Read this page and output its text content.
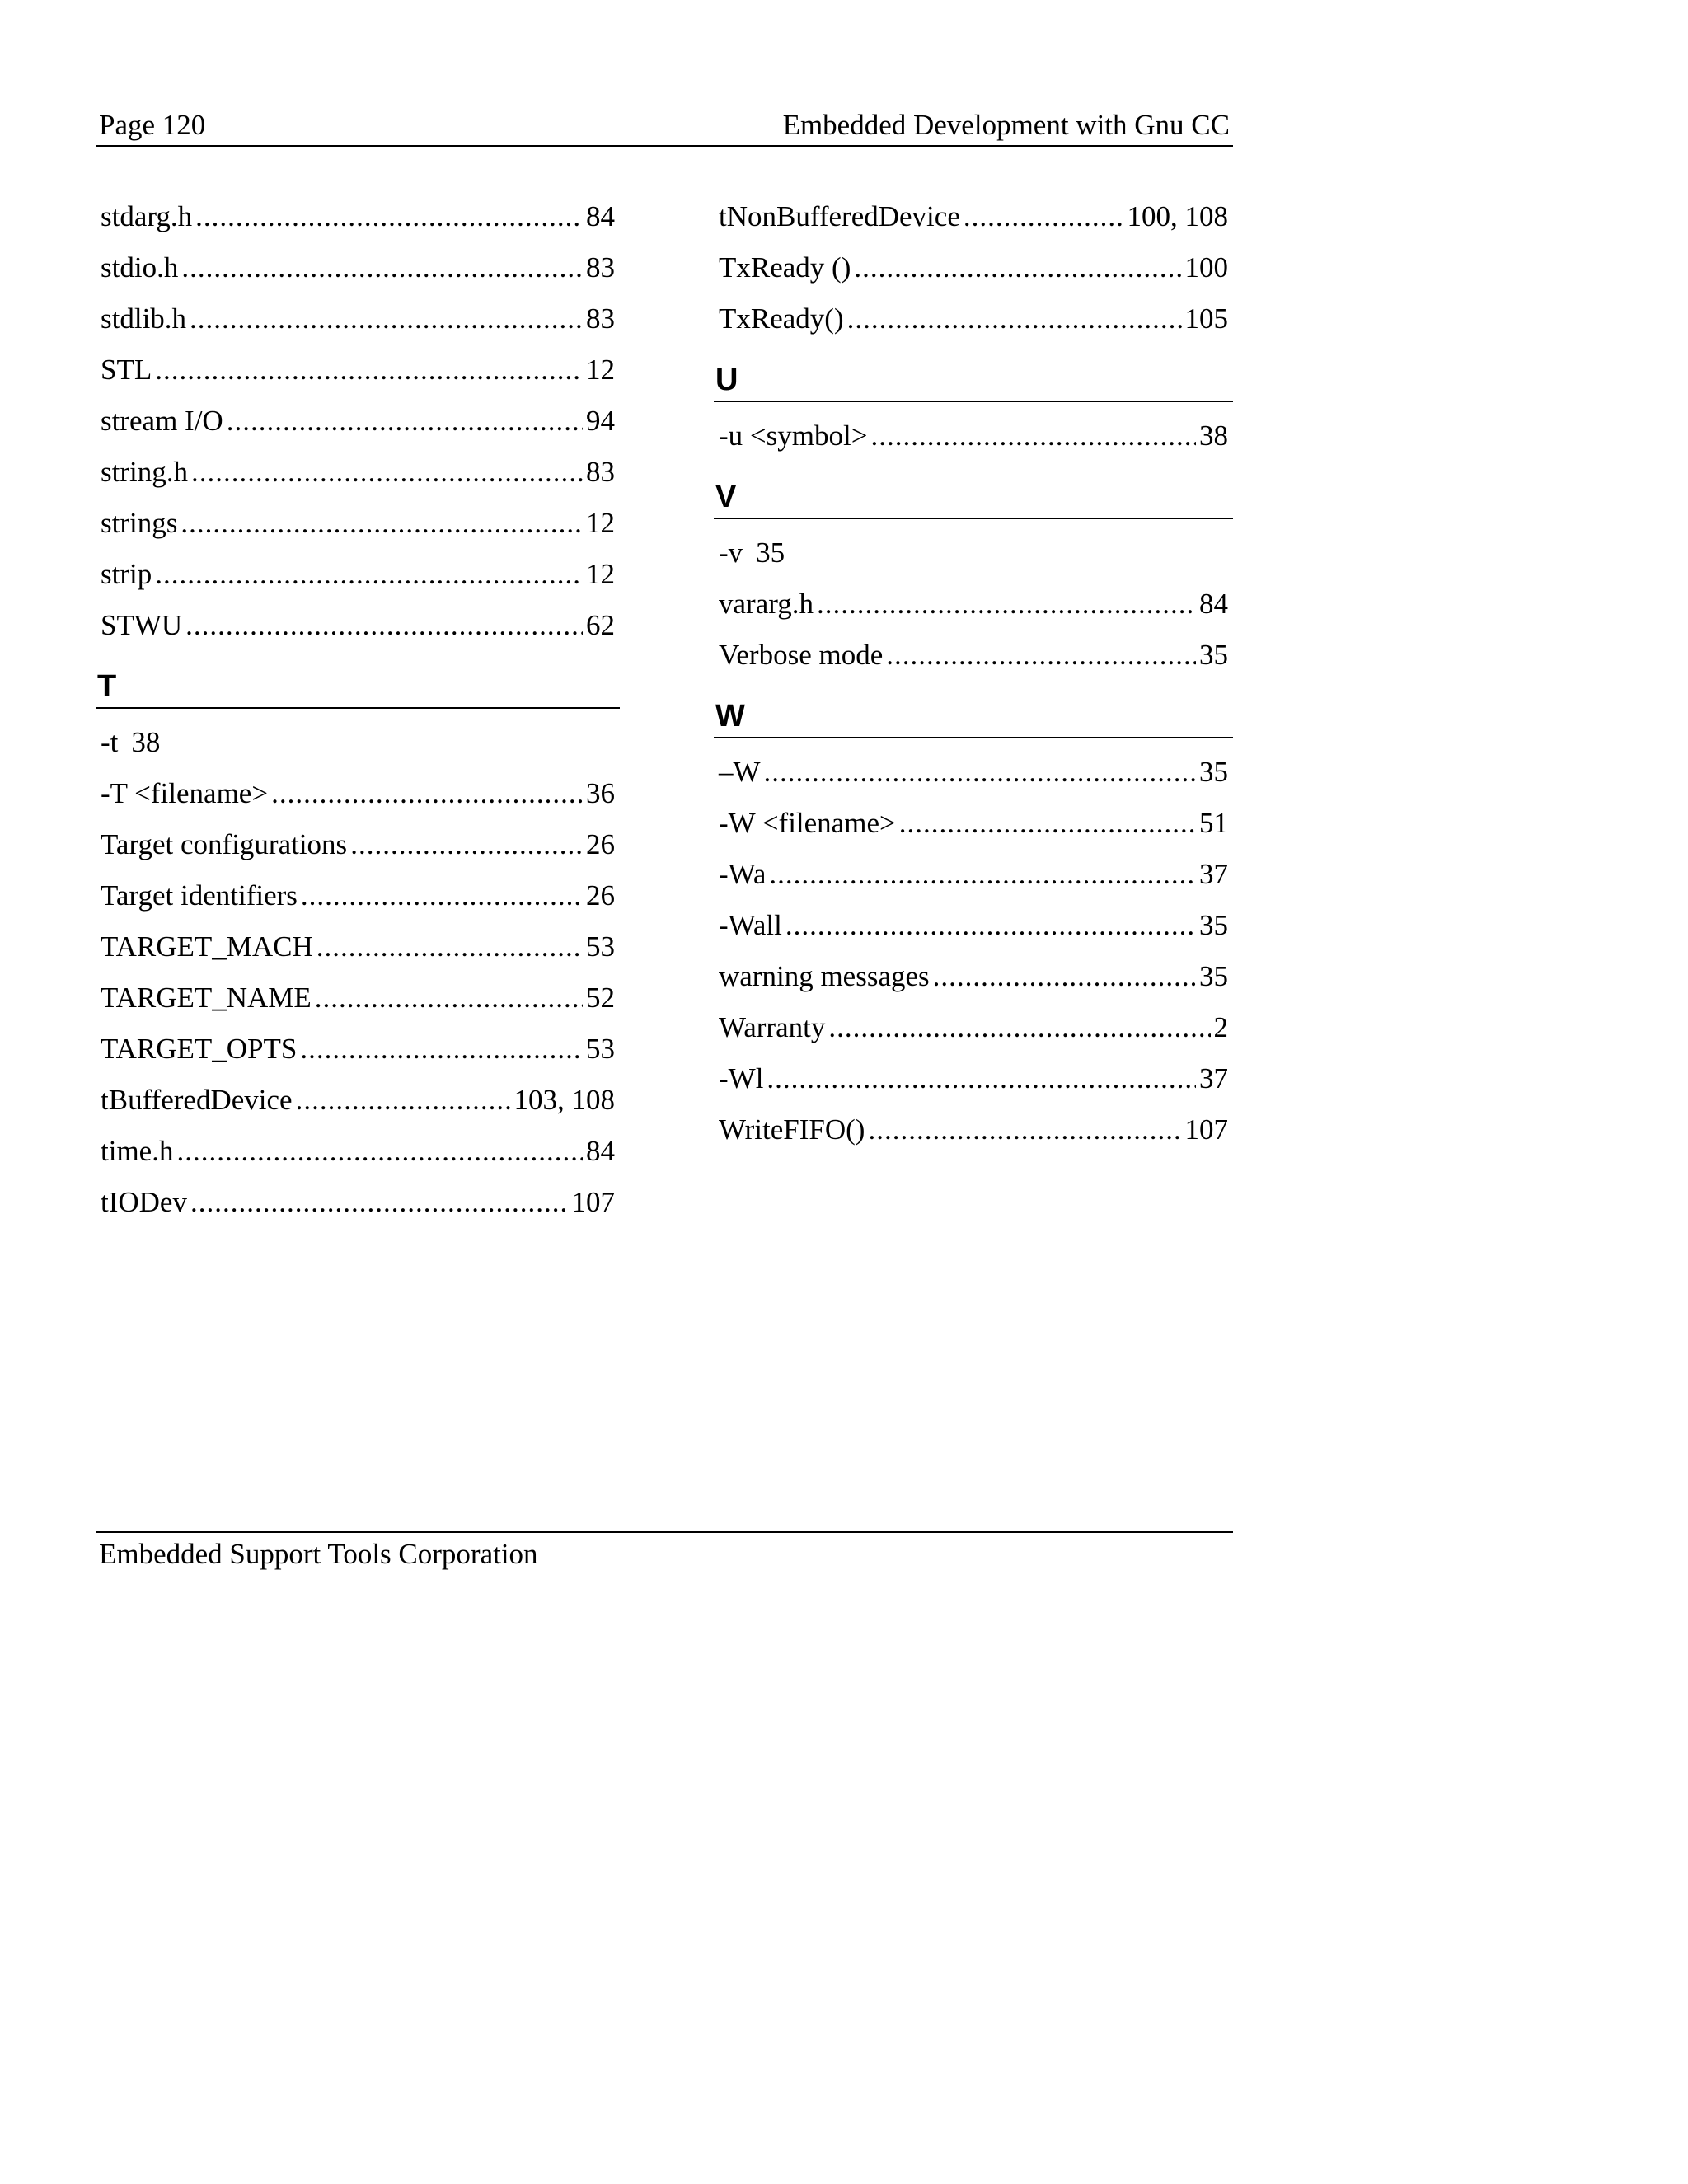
Page 120	Embedded Development with Gnu CC
stdarg.h .....	84
stdio.h .....	83
stdlib.h .....	83
STL .....	12
stream I/O .....	94
string.h .....	83
strings .....	12
strip .....	12
STWU .....	62
T
-t 38
-T <filename> .....	36
Target configurations .....	26
Target identifiers .....	26
TARGET_MACH .....	53
TARGET_NAME .....	52
TARGET_OPTS .....	53
tBufferedDevice .....	103, 108
time.h .....	84
tIODev .....	107
tNonBufferedDevice .....	100, 108
TxReady () .....	100
TxReady() .....	105
U
-u <symbol> .....	38
V
-v 35
vararg.h .....	84
Verbose mode .....	35
W
–W .....	35
-W <filename> .....	51
-Wa .....	37
-Wall .....	35
warning messages .....	35
Warranty .....	2
-Wl .....	37
WriteFIFO() .....	107
Embedded Support Tools Corporation
